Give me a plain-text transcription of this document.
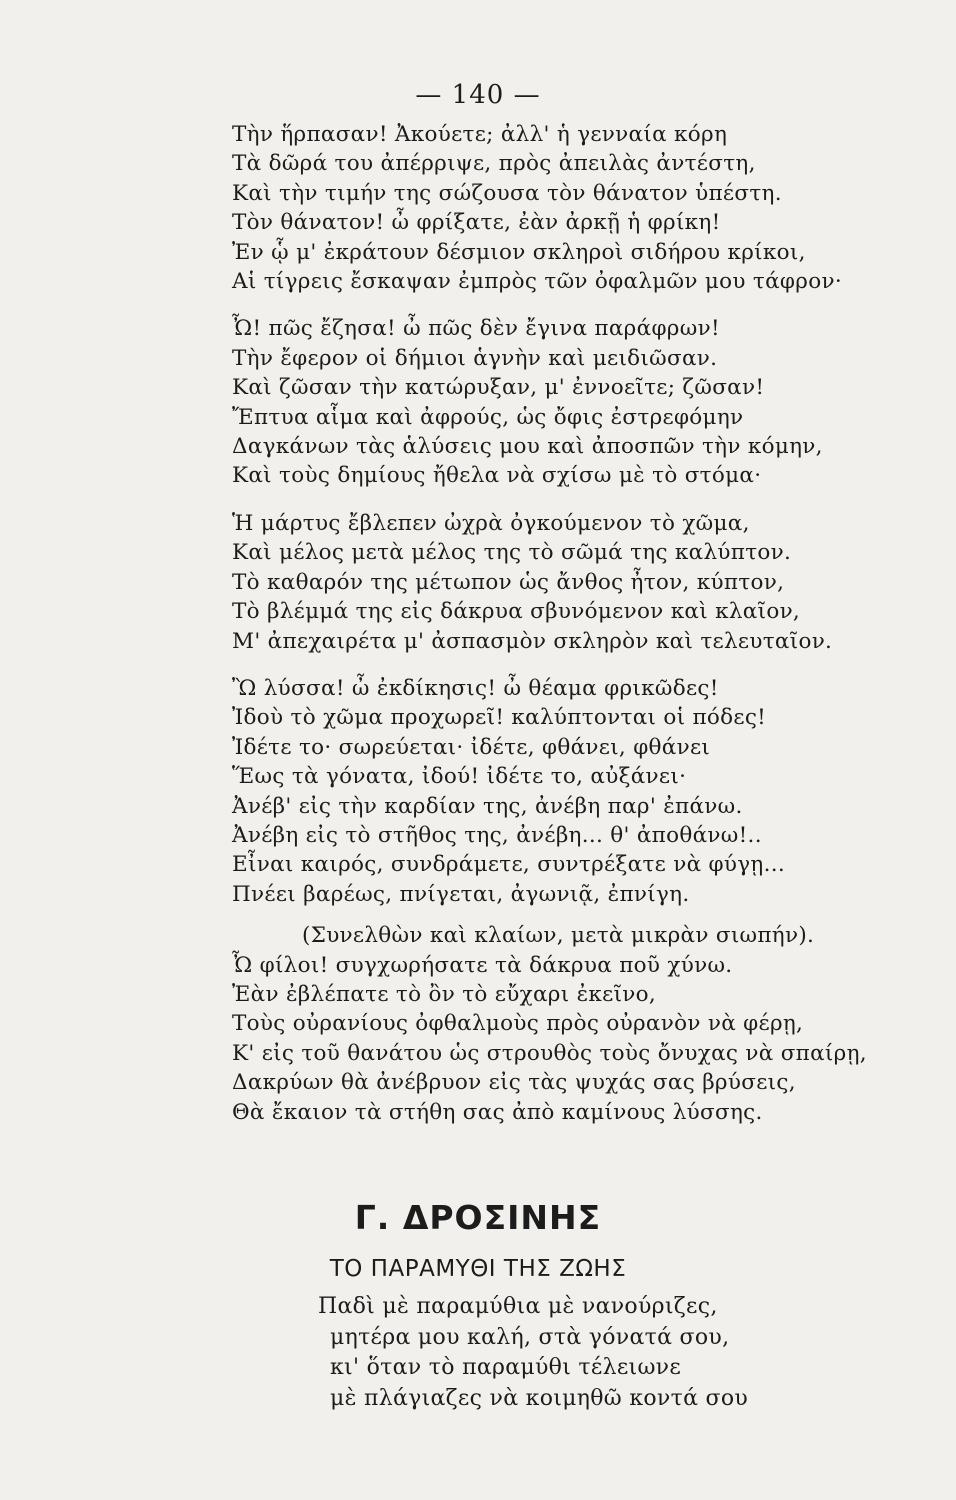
— 140 —
Τὴν ἥρπασαν! Ἀκούετε; ἀλλ' ἡ γενναία κόρη
Τὰ δῶρά του ἀπέρριψε, πρὸς ἀπειλὰς ἀντέστη,
Καὶ τὴν τιμήν της σώζουσα τὸν θάνατον ὑπέστη.
Τὸν θάνατον! ὦ φρίξατε, ἐὰν ἀρκῇ ἡ φρίκη!
Ἐν ᾧ μ' ἐκράτουν δέσμιον σκληροὶ σιδήρου κρίκοι,
Αἱ τίγρεις ἔσκαψαν ἐμπρὸς τῶν ὀφαλμῶν μου τάφρον·
Ὦ! πῶς ἔζησα! ὦ πῶς δὲν ἔγινα παράφρων!
Τὴν ἔφερον οἱ δήμιοι ἁγνὴν καὶ μειδιῶσαν.
Καὶ ζῶσαν τὴν κατώρυξαν, μ' ἐννοεῖτε; ζῶσαν!
Ἔπτυα αἷμα καὶ ἀφρούς, ὡς ὄφις ἐστρεφόμην
Δαγκάνων τὰς ἁλύσεις μου καὶ ἀποσπῶν τὴν κόμην,
Καὶ τοὺς δημίους ἤθελα νὰ σχίσω μὲ τὸ στόμα·
Ἡ μάρτυς ἔβλεπεν ὠχρὰ ὀγκούμενον τὸ χῶμα,
Καὶ μέλος μετὰ μέλος της τὸ σῶμά της καλύπτον.
Τὸ καθαρόν της μέτωπον ὡς ἄνθος ἦτον, κύπτον,
Τὸ βλέμμά της εἰς δάκρυα σβυνόμενον καὶ κλαῖον,
Μ' ἀπεχαιρέτα μ' ἀσπασμὸν σκληρὸν καὶ τελευταῖον.
Ὢ λύσσα! ὦ ἐκδίκησις! ὦ θέαμα φρικῶδες!
Ἰδοὺ τὸ χῶμα προχωρεῖ! καλύπτονται οἱ πόδες!
Ἰδέτε το· σωρεύεται· ἰδέτε, φθάνει, φθάνει
Ἕως τὰ γόνατα, ἰδού! ἰδέτε το, αὐξάνει·
Ἀνέβ' εἰς τὴν καρδίαν της, ἀνέβη παρ' ἐπάνω.
Ἀνέβη εἰς τὸ στῆθος της, ἀνέβη... θ' ἀποθάνω!..
Εἶναι καιρός, συνδράμετε, συντρέξατε νὰ φύγῃ...
Πνέει βαρέως, πνίγεται, ἀγωνιᾷ, ἐπνίγη.
(Συνελθὼν καὶ κλαίων, μετὰ μικρὰν σιωπήν).
Ὦ φίλοι! συγχωρήσατε τὰ δάκρυα ποῦ χύνω.
Ἐὰν ἐβλέπατε τὸ ὂν τὸ εὔχαρι ἐκεῖνο,
Τοὺς οὐρανίους ὀφθαλμοὺς πρὸς οὐρανὸν νὰ φέρῃ,
Κ' εἰς τοῦ θανάτου ὡς στρουθὸς τοὺς ὄνυχας νὰ σπαίρῃ,
Δακρύων θὰ ἀνέβρυον εἰς τὰς ψυχάς σας βρύσεις,
Θὰ ἔκαιον τὰ στήθη σας ἀπὸ καμίνους λύσσης.
Γ. ΔΡΟΣΙΝΗΣ
ΤΟ ΠΑΡΑΜΥΘΙ ΤΗΣ ΖΩΗΣ
Παδὶ μὲ παραμύθια μὲ νανούριζες,
μητέρα μου καλή, στὰ γόνατά σου,
κι' ὅταν τὸ παραμύθι τέλειωνε
μὲ πλάγιαζες νὰ κοιμηθῶ κοντά σου
